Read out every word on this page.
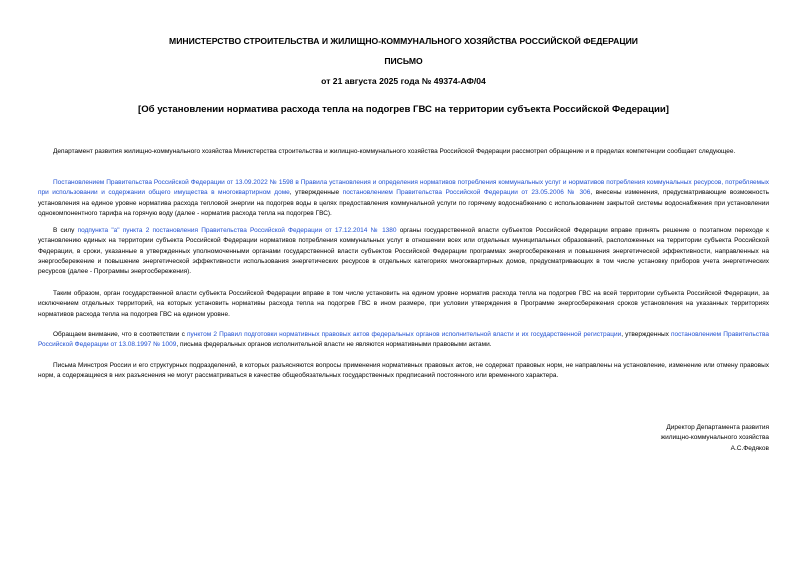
МИНИСТЕРСТВО СТРОИТЕЛЬСТВА И ЖИЛИЩНО-КОММУНАЛЬНОГО ХОЗЯЙСТВА РОССИЙСКОЙ ФЕДЕРАЦИИ
ПИСЬМО
от 21 августа 2025 года № 49374-АФ/04
[Об установлении норматива расхода тепла на подогрев ГВС на территории субъекта Российской Федерации]
Департамент развития жилищно-коммунального хозяйства Министерства строительства и жилищно-коммунального хозяйства Российской Федерации рассмотрел обращение и в пределах компетенции сообщает следующее.
Постановлением Правительства Российской Федерации от 13.09.2022 № 1598 в Правила установления и определения нормативов потребления коммунальных услуг и нормативов потребления коммунальных ресурсов, потребляемых при использовании и содержании общего имущества в многоквартирном доме, утвержденные постановлением Правительства Российской Федерации от 23.05.2006 № 306, внесены изменения, предусматривающие возможность установления на единое уровне норматива расхода тепловой энергии на подогрев воды в целях предоставления коммунальной услуги по горячему водоснабжению с использованием закрытой системы водоснабжения при установлении однокомпонентного тарифа на горячую воду (далее - норматив расхода тепла на подогрев ГВС).
В силу подпункта "а" пункта 2 постановления Правительства Российской Федерации от 17.12.2014 № 1380 органы государственной власти субъектов Российской Федерации вправе принять решение о поэтапном переходе к установлению единых на территории субъекта Российской Федерации нормативов потребления коммунальных услуг в отношении всех или отдельных муниципальных образований, расположенных на территории субъекта Российской Федерации, в сроки, указанные в утвержденных уполномоченными органами государственной власти субъектов Российской Федерации программах энергосбережения и повышения энергетической эффективности, направленных на энергосбережение и повышение энергетической эффективности использования энергетических ресурсов в отдельных категориях многоквартирных домов, предусматривающих в том числе установку приборов учета энергетических ресурсов (далее - Программы энергосбережения).
Таким образом, орган государственной власти субъекта Российской Федерации вправе в том числе установить на едином уровне норматив расхода тепла на подогрев ГВС на всей территории субъекта Российской Федерации, за исключением отдельных территорий, на которых установить нормативы расхода тепла на подогрев ГВС в ином размере, при условии утверждения в Программе энергосбережения сроков установления на указанных территориях нормативов расхода тепла на подогрев ГВС на едином уровне.
Обращаем внимание, что в соответствии с пунктом 2 Правил подготовки нормативных правовых актов федеральных органов исполнительной власти и их государственной регистрации, утвержденных постановлением Правительства Российской Федерации от 13.08.1997 № 1009, письма федеральных органов исполнительной власти не являются нормативными правовыми актами.
Письма Минстроя России и его структурных подразделений, в которых разъясняются вопросы применения нормативных правовых актов, не содержат правовых норм, не направлены на установление, изменение или отмену правовых норм, а содержащиеся в них разъяснения не могут рассматриваться в качестве общеобязательных государственных предписаний постоянного или временного характера.
Директор Департамента развития
жилищно-коммунального хозяйства
А.С.Федяков
